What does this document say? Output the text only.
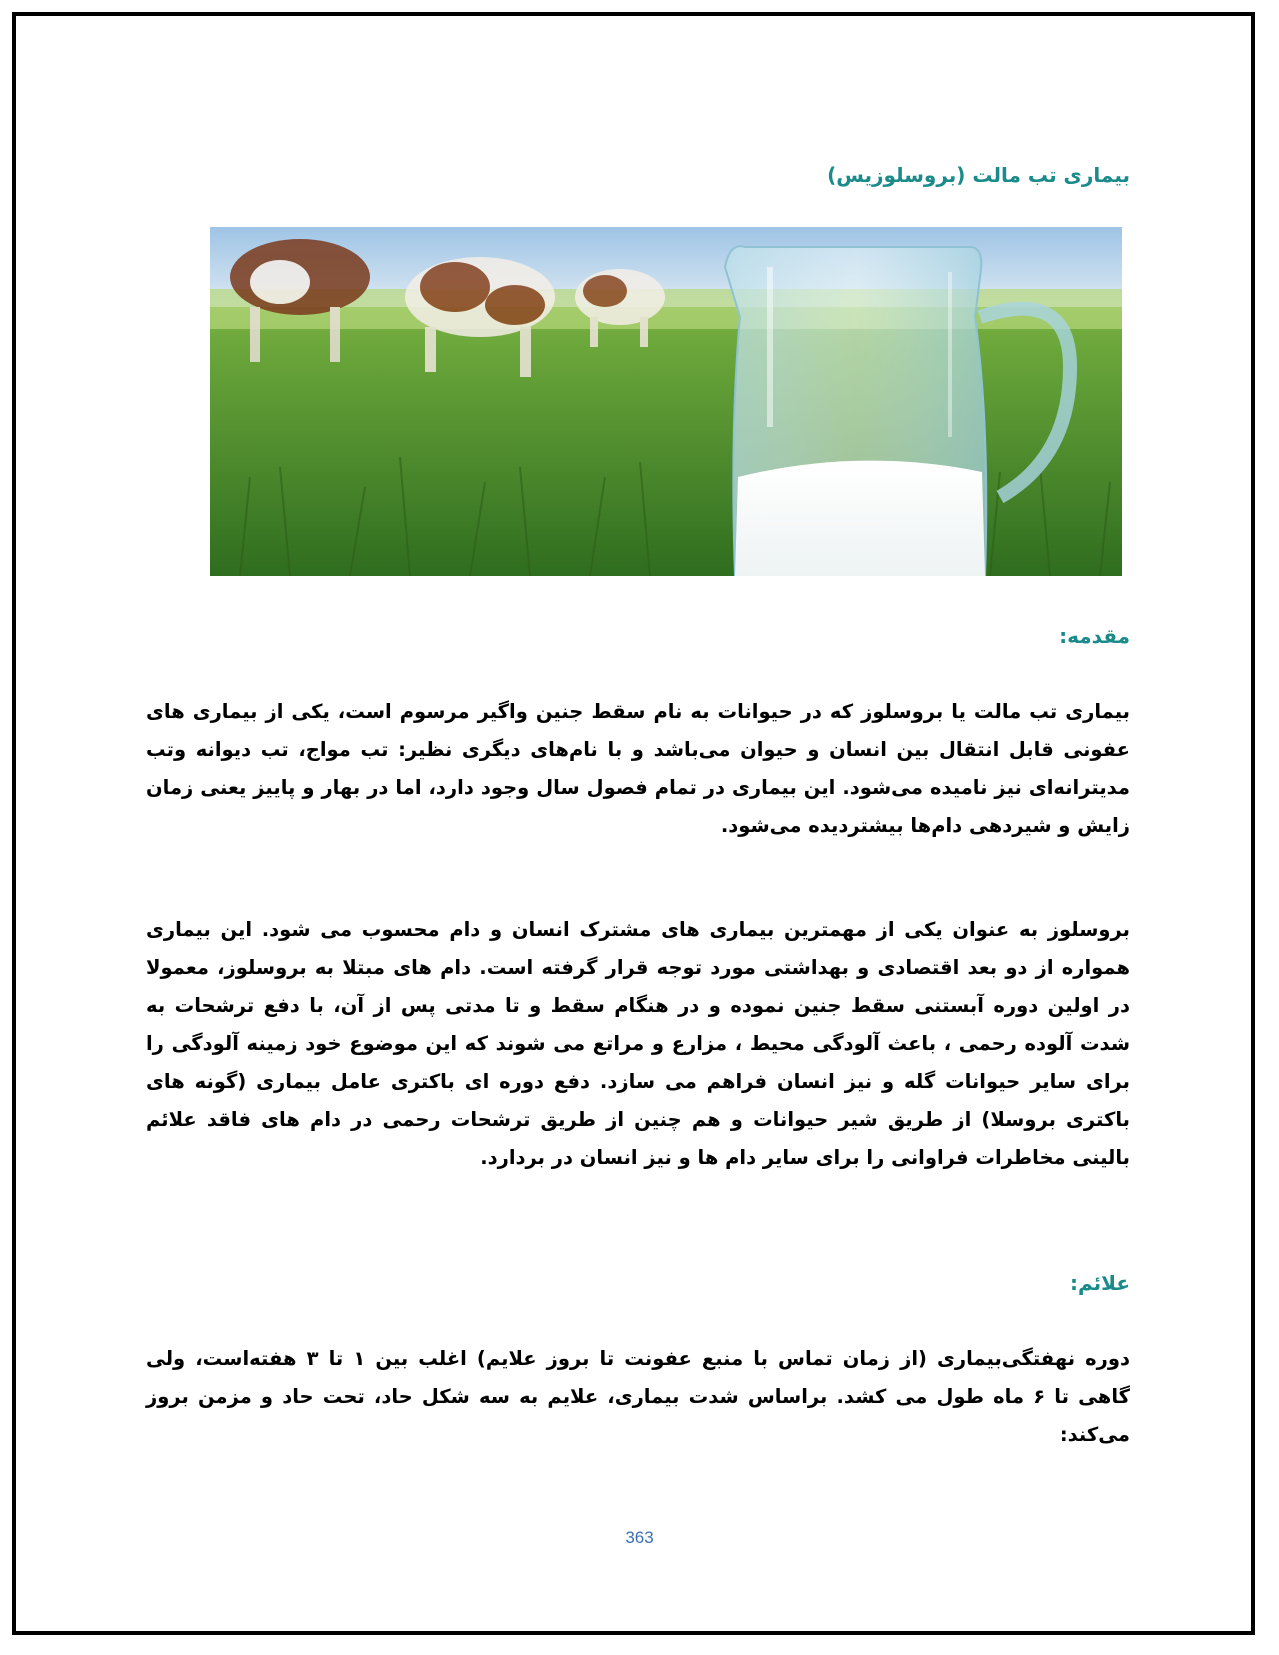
بیماری تب مالت (بروسلوزیس)
مقدمه:

بیماری تب مالت یا بروسلوز که در حیوانات به نام سقط جنین واگیر مرسوم است، یکی از بیماری های عفونی قابل انتقال بین انسان و حیوان می‌باشد و با نام‌های دیگری نظیر: تب مواج، تب دیوانه وتب مدیترانه‌ای نیز نامیده می‌شود. این بیماری در تمام فصول سال وجود دارد، اما در بهار و پاییز یعنی زمان زایش و شیردهی دام‌ها بیشتردیده می‌شود.

بروسلوز به عنوان یکی از مهمترین بیماری های مشترک انسان و دام محسوب می شود. این بیماری همواره از دو بعد اقتصادی و بهداشتی مورد توجه قرار گرفته است. دام های مبتلا به بروسلوز، معمولا در اولین دوره آبستنی سقط جنین نموده و در هنگام سقط و تا مدتی پس از آن، با دفع ترشحات به شدت آلوده رحمی ، باعث آلودگی محیط ، مزارع و مراتع می شوند که این موضوع خود زمینه آلودگی را برای سایر حیوانات گله و نیز انسان فراهم می سازد. دفع دوره ای باکتری عامل بیماری (گونه های باکتری بروسلا) از طریق شیر حیوانات و هم چنین از طریق ترشحات رحمی در دام های فاقد علائم بالینی مخاطرات فراوانی را برای سایر دام ها و نیز انسان در بردارد.

علائم:

دوره نهفتگی‌بیماری (از زمان تماس با منبع عفونت تا بروز علایم) اغلب بین ۱ تا ۳ هفته‌است، ولی گاهی تا ۶ ماه طول می کشد. براساس شدت بیماری، علایم به سه شکل حاد، تحت حاد و مزمن بروز می‌کند:

363
